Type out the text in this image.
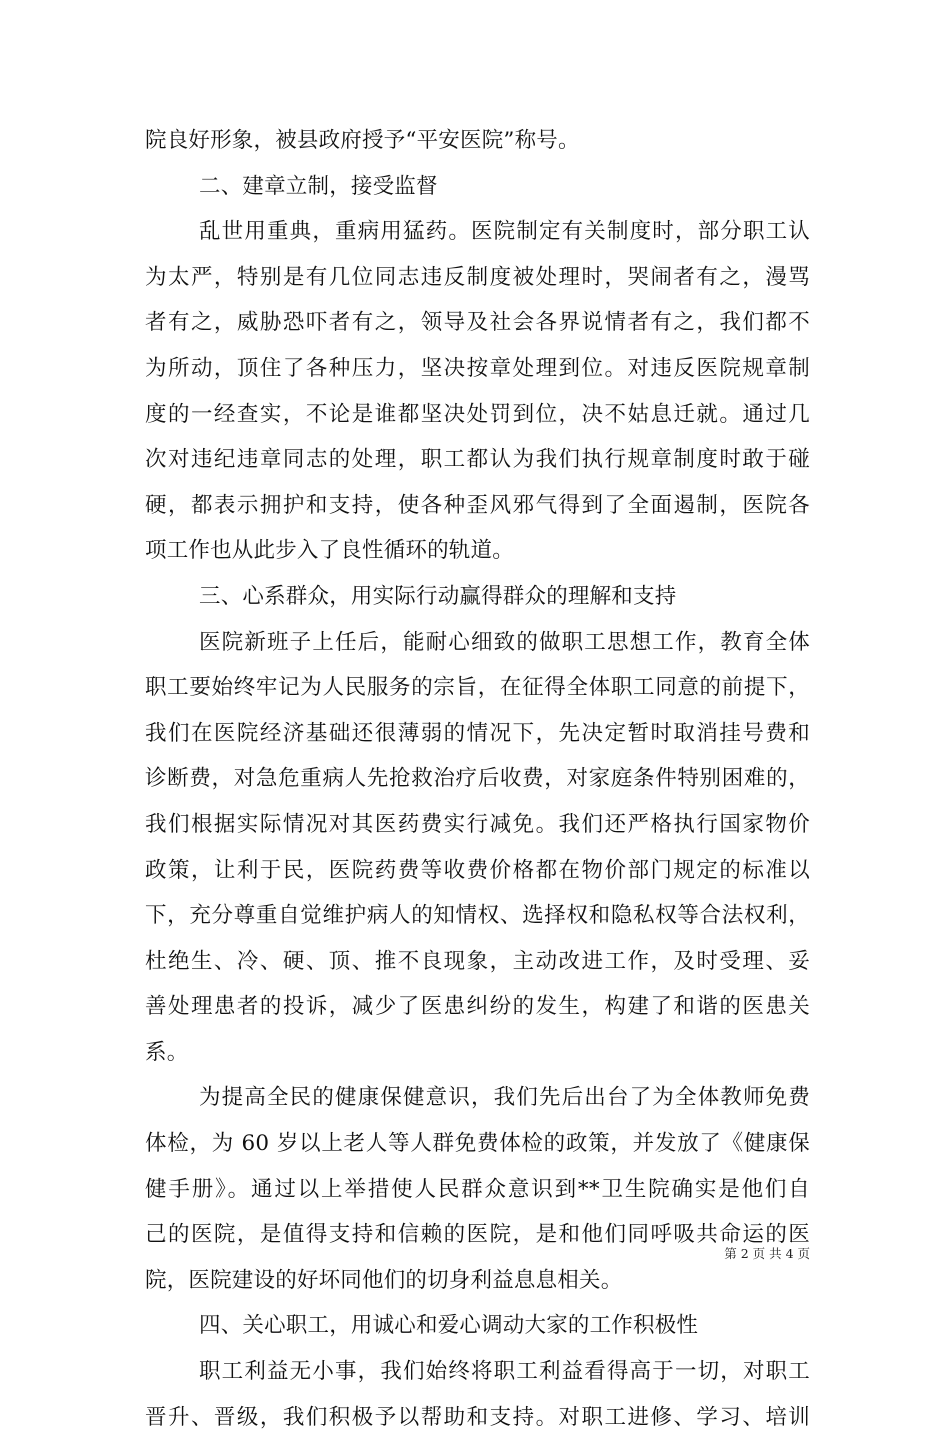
院良好形象，被县政府授予“平安医院”称号。
二、建章立制，接受监督
乱世用重典，重病用猛药。医院制定有关制度时，部分职工认
为太严，特别是有几位同志违反制度被处理时，哭闹者有之，漫骂
者有之，威胁恐吓者有之，领导及社会各界说情者有之，我们都不
为所动，顶住了各种压力，坚决按章处理到位。对违反医院规章制
度的一经查实，不论是谁都坚决处罚到位，决不姑息迁就。通过几
次对违纪违章同志的处理，职工都认为我们执行规章制度时敢于碰
硬，都表示拥护和支持，使各种歪风邪气得到了全面遏制，医院各
项工作也从此步入了良性循环的轨道。
三、心系群众，用实际行动赢得群众的理解和支持
医院新班子上任后，能耐心细致的做职工思想工作，教育全体
职工要始终牢记为人民服务的宗旨，在征得全体职工同意的前提下，
我们在医院经济基础还很薄弱的情况下，先决定暂时取消挂号费和
诊断费，对急危重病人先抢救治疗后收费，对家庭条件特别困难的，
我们根据实际情况对其医药费实行减免。我们还严格执行国家物价
政策，让利于民，医院药费等收费价格都在物价部门规定的标准以
下，充分尊重自觉维护病人的知情权、选择权和隐私权等合法权利，
杜绝生、冷、硬、顶、推不良现象，主动改进工作，及时受理、妥
善处理患者的投诉，减少了医患纠纷的发生，构建了和谐的医患关
系。
为提高全民的健康保健意识，我们先后出台了为全体教师免费
体检，为 60 岁以上老人等人群免费体检的政策，并发放了《健康保
健手册》。通过以上举措使人民群众意识到**卫生院确实是他们自
己的医院，是值得支持和信赖的医院，是和他们同呼吸共命运的医
院，医院建设的好坏同他们的切身利益息息相关。
四、关心职工，用诚心和爱心调动大家的工作积极性
职工利益无小事，我们始终将职工利益看得高于一切，对职工
晋升、晋级，我们积极予以帮助和支持。对职工进修、学习、培训
第 2 页 共 4 页
